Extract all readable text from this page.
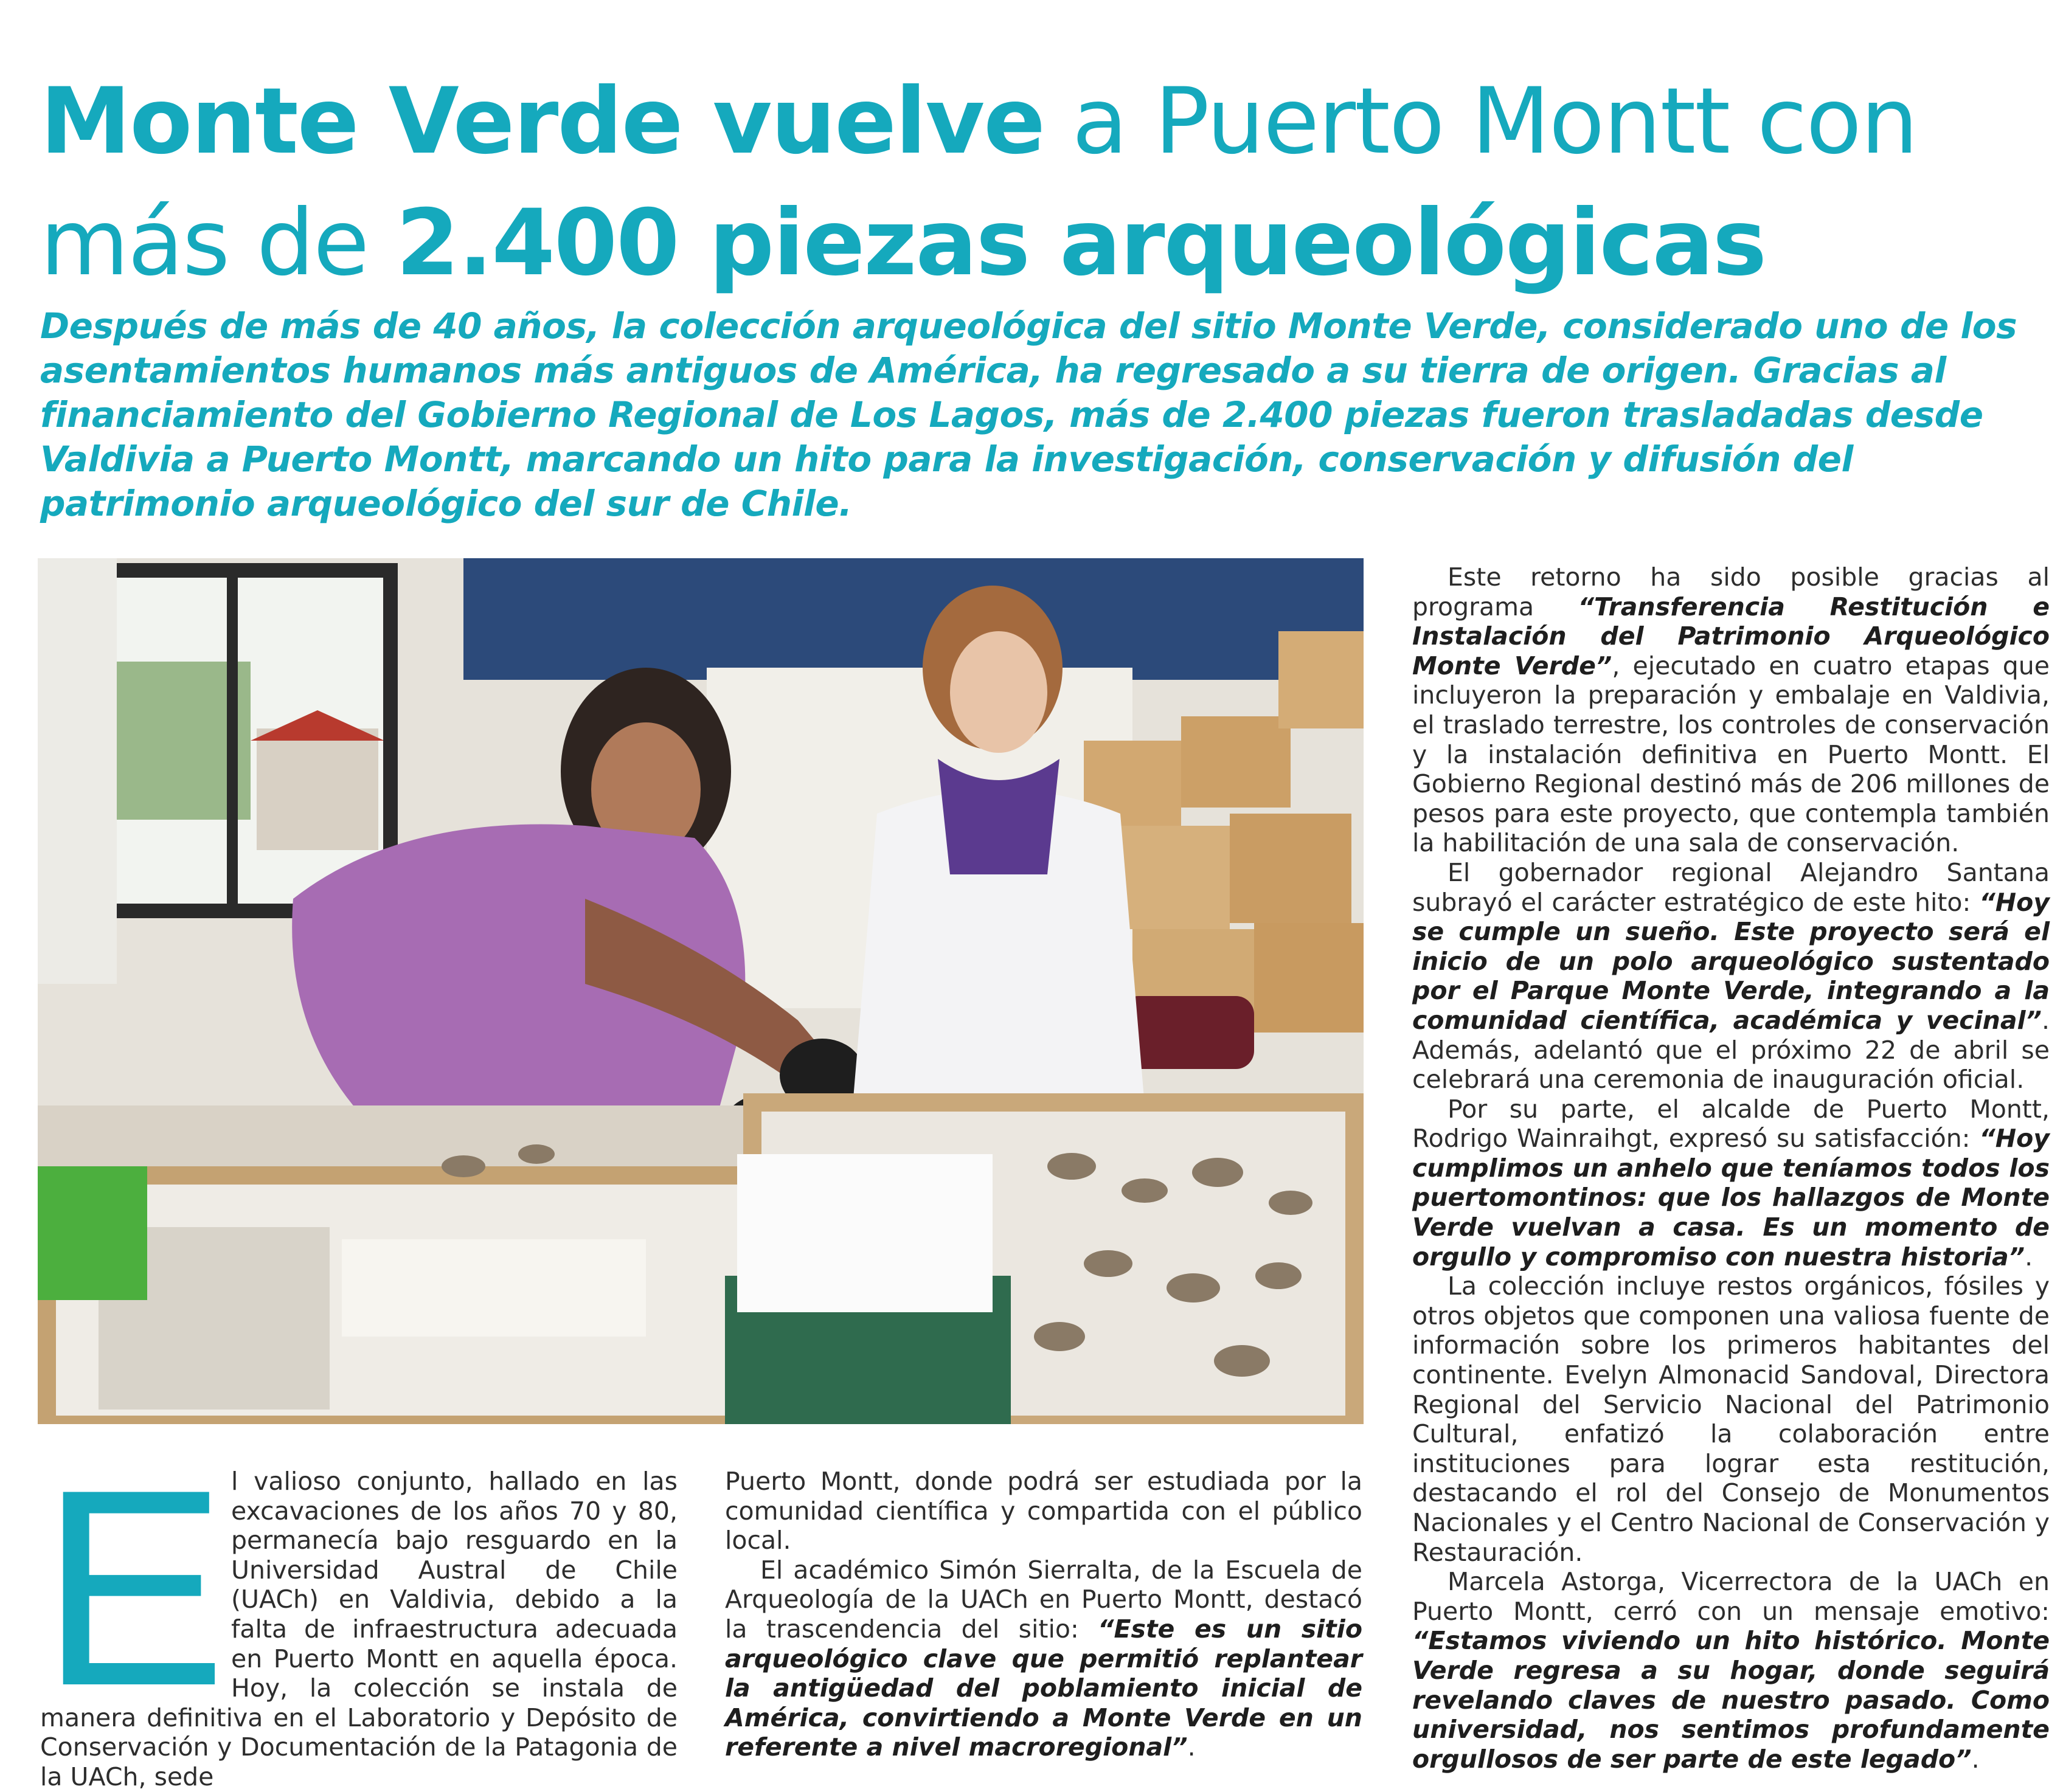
Monte Verde vuelve a Puerto Montt con
más de 2.400 piezas arqueológicas

Después de más de 40 años, la colección arqueológica del sitio Monte Verde, considerado uno de los asentamientos humanos más antiguos de América, ha regresado a su tierra de origen. Gracias al financiamiento del Gobierno Regional de Los Lagos, más de 2.400 piezas fueron trasladadas desde Valdivia a Puerto Montt, marcando un hito para la investigación, conservación y difusión del patrimonio arqueológico del sur de Chile.

Este retorno ha sido posible gracias al programa “Transferencia Restitución e Instalación del Patrimonio Arqueológico Monte Verde”, ejecutado en cuatro etapas que incluyeron la preparación y embalaje en Valdivia, el traslado terrestre, los controles de conservación y la instalación definitiva en Puerto Montt. El Gobierno Regional destinó más de 206 millones de pesos para este proyecto, que contempla también la habilitación de una sala de conservación.

El gobernador regional Alejandro Santana subrayó el carácter estratégico de este hito: “Hoy se cumple un sueño. Este proyecto será el inicio de un polo arqueológico sustentado por el Parque Monte Verde, integrando a la comunidad científica, académica y vecinal”. Además, adelantó que el próximo 22 de abril se celebrará una ceremonia de inauguración oficial.

Por su parte, el alcalde de Puerto Montt, Rodrigo Wainraihgt, expresó su satisfacción: “Hoy cumplimos un anhelo que teníamos todos los puertomontinos: que los hallazgos de Monte Verde vuelvan a casa. Es un momento de orgullo y compromiso con nuestra historia”.

La colección incluye restos orgánicos, fósiles y otros objetos que componen una valiosa fuente de información sobre los primeros habitantes del continente. Evelyn Almonacid Sandoval, Directora Regional del Servicio Nacional del Patrimonio Cultural, enfatizó la colaboración entre instituciones para lograr esta restitución, destacando el rol del Consejo de Monumentos Nacionales y el Centro Nacional de Conservación y Restauración.

Marcela Astorga, Vicerrectora de la UACh en Puerto Montt, cerró con un mensaje emotivo: “Estamos viviendo un hito histórico. Monte Verde regresa a su hogar, donde seguirá revelando claves de nuestro pasado. Como universidad, nos sentimos profundamente orgullosos de ser parte de este legado”.

E l valioso conjunto, hallado en las excavaciones de los años 70 y 80, permanecía bajo resguardo en la Universidad Austral de Chile (UACh) en Valdivia, debido a la falta de infraestructura adecuada en Puerto Montt en aquella época. Hoy, la colección se instala de manera definitiva en el Laboratorio y Depósito de Conservación y Documentación de la Patagonia de la UACh, sede

Puerto Montt, donde podrá ser estudiada por la comunidad científica y compartida con el público local.

El académico Simón Sierralta, de la Escuela de Arqueología de la UACh en Puerto Montt, destacó la trascendencia del sitio: “Este es un sitio arqueológico clave que permitió replantear la antigüedad del poblamiento inicial de América, convirtiendo a Monte Verde en un referente a nivel macroregional”.
